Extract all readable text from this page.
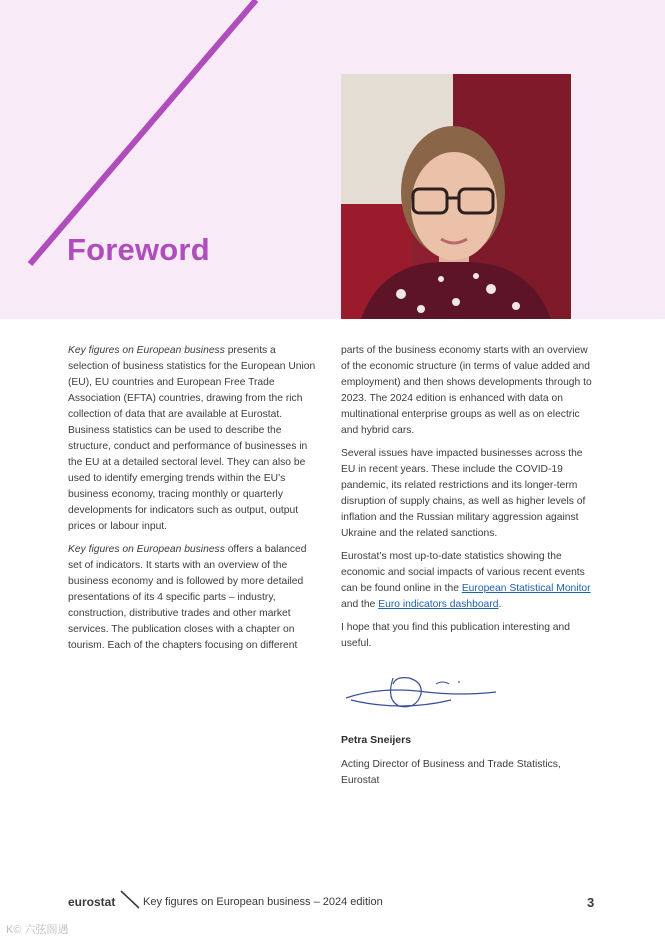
Foreword

Key figures on European business presents a selection of business statistics for the European Union (EU), EU countries and European Free Trade Association (EFTA) countries, drawing from the rich collection of data that are available at Eurostat. Business statistics can be used to describe the structure, conduct and performance of businesses in the EU at a detailed sectoral level. They can also be used to identify emerging trends within the EU’s business economy, tracing monthly or quarterly developments for indicators such as output, output prices or labour input.

Key figures on European business offers a balanced set of indicators. It starts with an overview of the business economy and is followed by more detailed presentations of its 4 specific parts – industry, construction, distributive trades and other market services. The publication closes with a chapter on tourism. Each of the chapters focusing on different

parts of the business economy starts with an overview of the economic structure (in terms of value added and employment) and then shows developments through to 2023. The 2024 edition is enhanced with data on multinational enterprise groups as well as on electric and hybrid cars.

Several issues have impacted businesses across the EU in recent years. These include the COVID-19 pandemic, its related restrictions and its longer-term disruption of supply chains, as well as higher levels of inflation and the Russian military aggression against Ukraine and the related sanctions.

Eurostat’s most up-to-date statistics showing the economic and social impacts of various recent events can be found online in the European Statistical Monitor and the Euro indicators dashboard.

I hope that you find this publication interesting and useful.

Petra Sneijers
Acting Director of Business and Trade Statistics, Eurostat
eurostat	Key figures on European business – 2024 edition	3
K© 六弦阁遇
